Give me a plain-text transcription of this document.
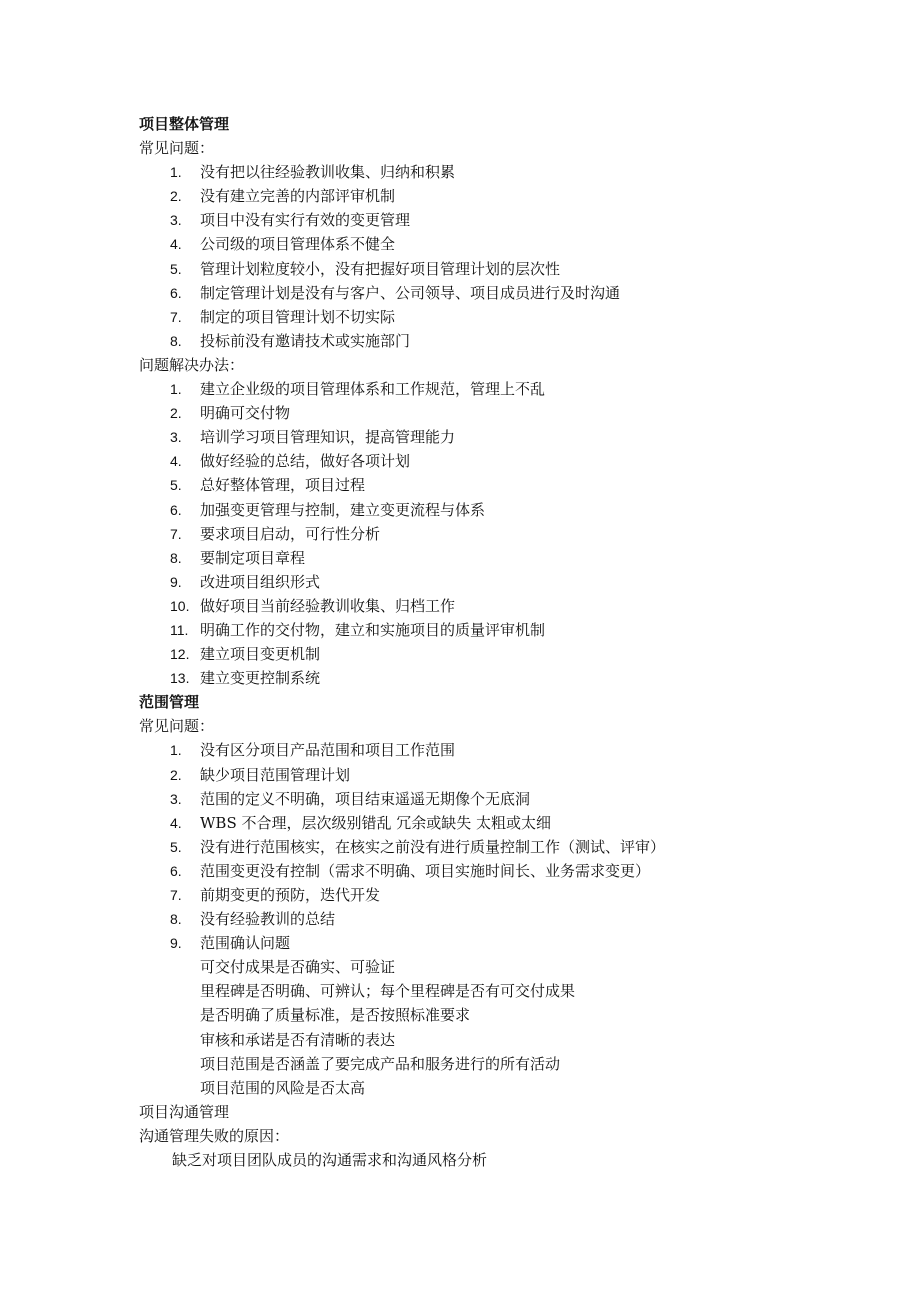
项目整体管理
常见问题：
1. 没有把以往经验教训收集、归纳和积累
2. 没有建立完善的内部评审机制
3. 项目中没有实行有效的变更管理
4. 公司级的项目管理体系不健全
5. 管理计划粒度较小，没有把握好项目管理计划的层次性
6. 制定管理计划是没有与客户、公司领导、项目成员进行及时沟通
7. 制定的项目管理计划不切实际
8. 投标前没有邀请技术或实施部门
问题解决办法：
1. 建立企业级的项目管理体系和工作规范，管理上不乱
2. 明确可交付物
3. 培训学习项目管理知识，提高管理能力
4. 做好经验的总结，做好各项计划
5. 总好整体管理，项目过程
6. 加强变更管理与控制，建立变更流程与体系
7. 要求项目启动，可行性分析
8. 要制定项目章程
9. 改进项目组织形式
10. 做好项目当前经验教训收集、归档工作
11. 明确工作的交付物，建立和实施项目的质量评审机制
12. 建立项目变更机制
13. 建立变更控制系统
范围管理
常见问题：
1. 没有区分项目产品范围和项目工作范围
2. 缺少项目范围管理计划
3. 范围的定义不明确，项目结束遥遥无期像个无底洞
4. WBS 不合理，层次级别错乱 冗余或缺失 太粗或太细
5. 没有进行范围核实，在核实之前没有进行质量控制工作（测试、评审）
6. 范围变更没有控制（需求不明确、项目实施时间长、业务需求变更）
7. 前期变更的预防，迭代开发
8. 没有经验教训的总结
9. 范围确认问题
可交付成果是否确实、可验证
里程碑是否明确、可辨认；每个里程碑是否有可交付成果
是否明确了质量标准，是否按照标准要求
审核和承诺是否有清晰的表达
项目范围是否涵盖了要完成产品和服务进行的所有活动
项目范围的风险是否太高
项目沟通管理
沟通管理失败的原因：
缺乏对项目团队成员的沟通需求和沟通风格分析
